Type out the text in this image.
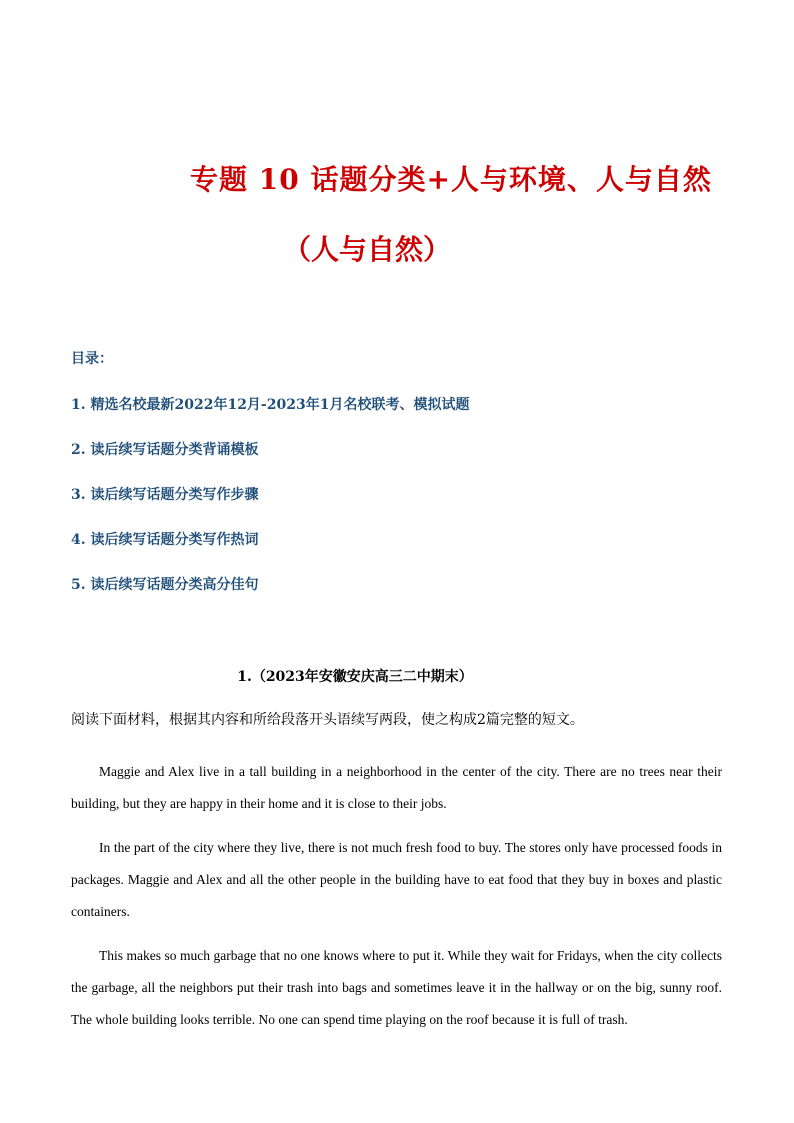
专题 10 话题分类+人与环境、人与自然
（人与自然）
目录：
1. 精选名校最新2022年12月-2023年1月名校联考、模拟试题
2. 读后续写话题分类背诵模板
3. 读后续写话题分类写作步骤
4. 读后续写话题分类写作热词
5. 读后续写话题分类高分佳句
1.（2023年安徽安庆高三二中期末）
阅读下面材料，根据其内容和所给段落开头语续写两段，使之构成2篇完整的短文。

Maggie and Alex live in a tall building in a neighborhood in the center of the city. There are no trees near their building, but they are happy in their home and it is close to their jobs.

In the part of the city where they live, there is not much fresh food to buy. The stores only have processed foods in packages. Maggie and Alex and all the other people in the building have to eat food that they buy in boxes and plastic containers.

This makes so much garbage that no one knows where to put it. While they wait for Fridays, when the city collects the garbage, all the neighbors put their trash into bags and sometimes leave it in the hallway or on the big, sunny roof. The whole building looks terrible. No one can spend time playing on the roof because it is full of trash.
